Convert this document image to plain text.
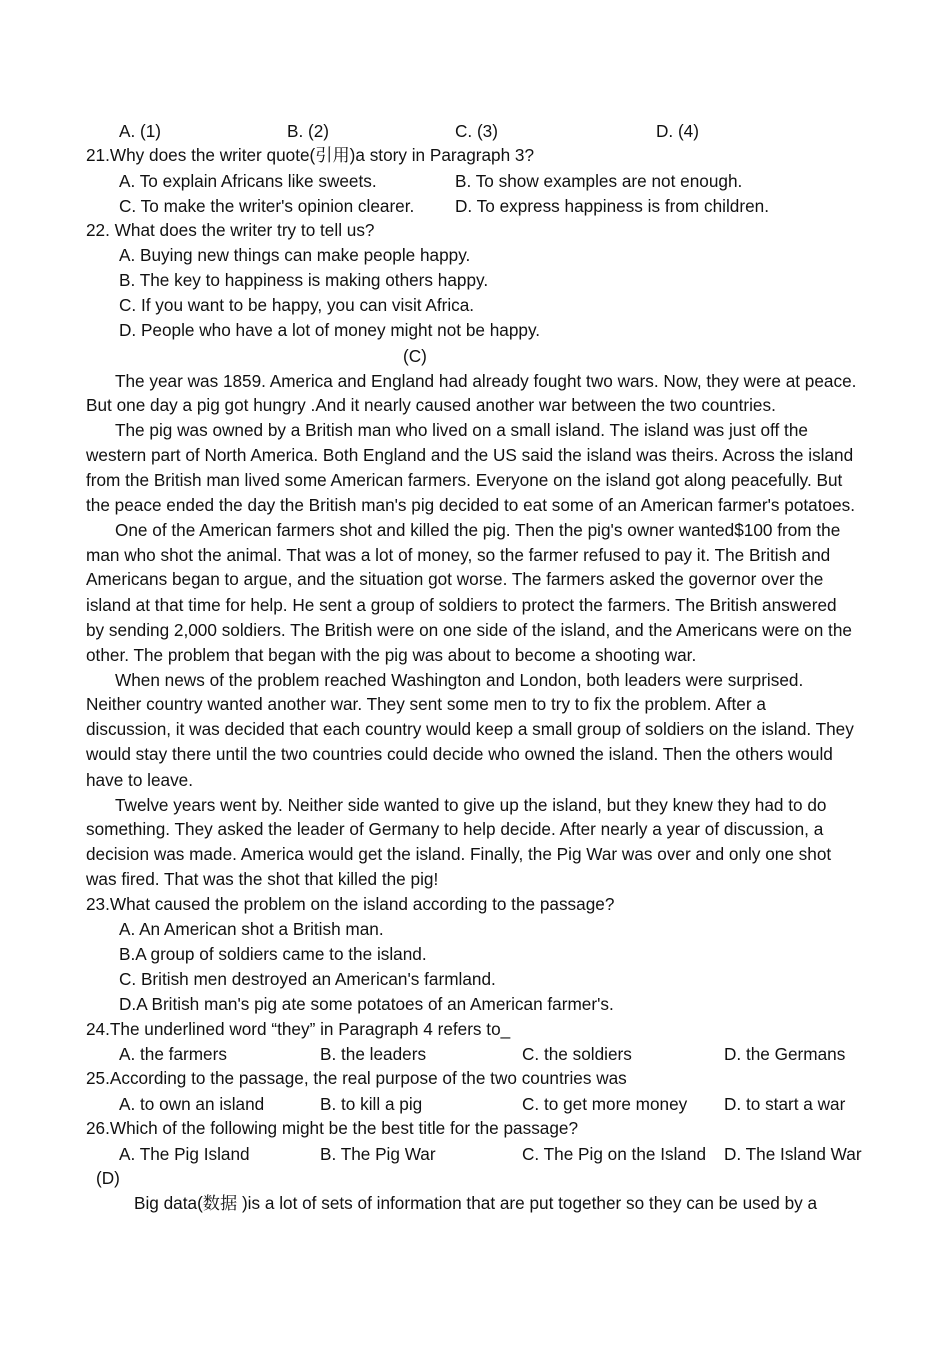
A. (1)	B. (2)	C. (3)	D. (4)
21.Why does the writer quote(引用)a story in Paragraph 3?
A. To explain Africans like sweets.	B. To show examples are not enough.
C. To make the writer's opinion clearer. D. To express happiness is from children.
22. What does the writer try to tell us?
A. Buying new things can make people happy.
B. The key to happiness is making others happy.
C. If you want to be happy, you can visit Africa.
D. People who have a lot of money might not be happy.
(C)
The year was 1859. America and England had already fought two wars. Now, they were at peace.
But one day a pig got hungry .And it nearly caused another war between the two countries.
The pig was owned by a British man who lived on a small island. The island was just off the
western part of North America. Both England and the US said the island was theirs. Across the island
from the British man lived some American farmers. Everyone on the island got along peacefully. But
the peace ended the day the British man's pig decided to eat some of an American farmer's potatoes.
One of the American farmers shot and killed the pig. Then the pig's owner wanted$100 from the
man who shot the animal. That was a lot of money, so the farmer refused to pay it. The British and
Americans began to argue, and the situation got worse. The farmers asked the governor over the
island at that time for help. He sent a group of soldiers to protect the farmers. The British answered
by sending 2,000 soldiers. The British were on one side of the island, and the Americans were on the
other. The problem that began with the pig was about to become a shooting war.
When news of the problem reached Washington and London, both leaders were surprised.
Neither country wanted another war. They sent some men to try to fix the problem. After a
discussion, it was decided that each country would keep a small group of soldiers on the island. They
would stay there until the two countries could decide who owned the island. Then the others would
have to leave.
Twelve years went by. Neither side wanted to give up the island, but they knew they had to do
something. They asked the leader of Germany to help decide. After nearly a year of discussion, a
decision was made. America would get the island. Finally, the Pig War was over and only one shot
was fired. That was the shot that killed the pig!
23.What caused the problem on the island according to the passage?
A. An American shot a British man.
B.A group of soldiers came to the island.
C. British men destroyed an American's farmland.
D.A British man's pig ate some potatoes of an American farmer's.
24.The underlined word “they” in Paragraph 4 refers to_
A. the farmers	B. the leaders	C. the soldiers	D. the Germans
25.According to the passage, the real purpose of the two countries was
A. to own an island	B. to kill a pig	C. to get more money D. to start a war
26.Which of the following might be the best title for the passage?
A. The Pig Island	B. The Pig War	C. The Pig on the Island D. The Island War
(D)
Big data(数据 )is a lot of sets of information that are put together so they can be used by a
